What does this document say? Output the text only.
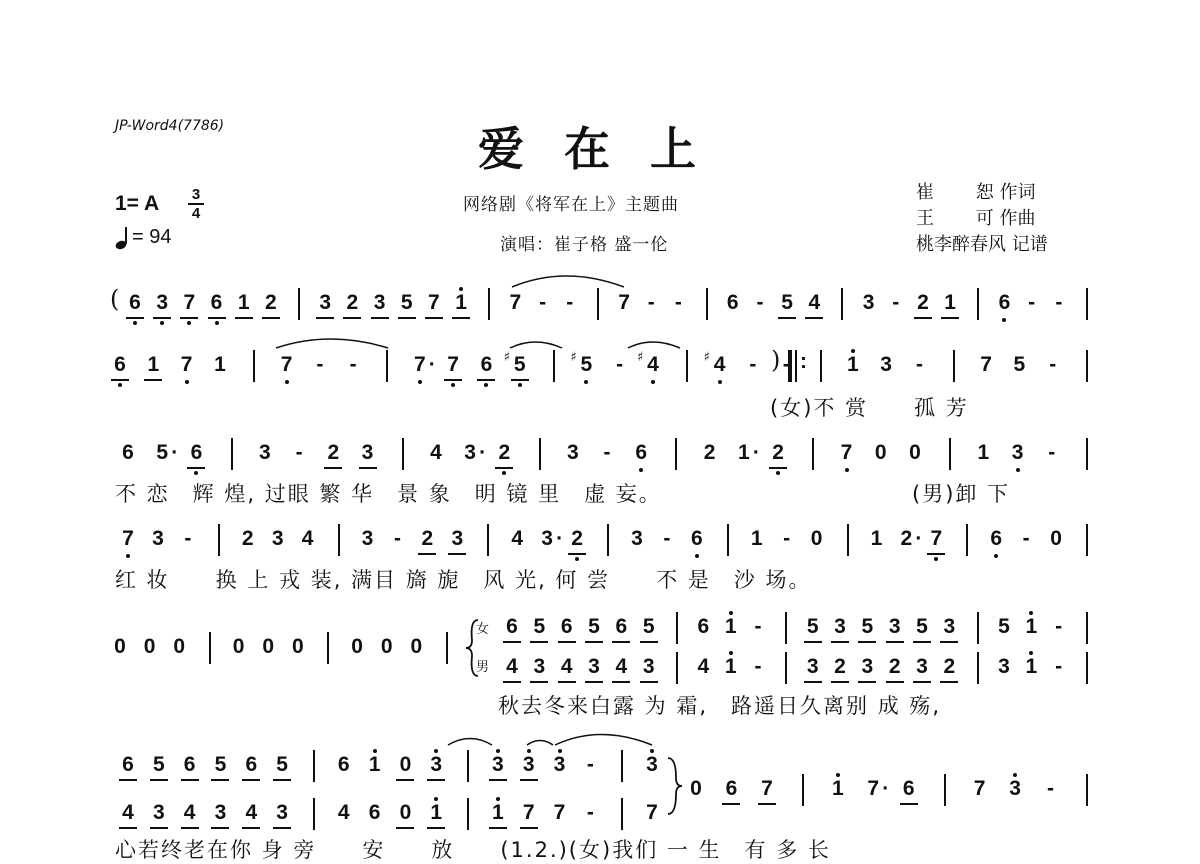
JP-Word4(7786)	爱在上
网络剧《将军在上》主题曲
演唱：崔子格 盛一伦
崔　　 恕 作词
王　　 可 作曲
桃李醉春风 记谱
1= A	3
4
= 94
6 3 7 6 1 2 3 2 3 5 7 1 7 - -	7 - -	6 - 5 4 3 - 2 1 6 - -
6 1 7 1	7	-	-	7 · 7 6 5
♯	5
♯	-	4
♯	4
♯	-	-	1 3	-	7 5	-
6 5 · 6	3	-	2 3	4 3 · 2	3	-	6	2 1 · 2	7 0 0	1 3	-
7 3 -	2 3 4 3 - 2 3 4 3 · 2 3 - 6 1 - 0 1 2 · 7 6 - 0
0 0 0 0 0 0 0 0 0
6 5 6 5 6 5 6 1 -	5 3 5 3 5 3 5 1 -
4 3 4 3 4 3 4 1 -	3 2 3 2 3 2 3 1 -
6 5 6 5 6 5 6 1 0 3 3 3 3	-	3
4 3 4 3 4 3 4 6 0 1 1 7 7	-	7
0 6 7	1 7 · 6	7 3	-
(女)不 赏　　孤 芳
不 恋　辉 煌, 过眼 繁 华　景 象　明 镜 里　虚 妄。	(男)卸 下
红 妆　　换 上 戎 装, 满目 旖 旎　风 光, 何 尝　　不 是　沙 场。
秋去冬来白露 为 霜,　路遥日久离别 成 殇,
心若终老在你 身 旁　　安　　放　　(1.2.)(女)我们 一 生　有 多 长
女
男
(
) :
